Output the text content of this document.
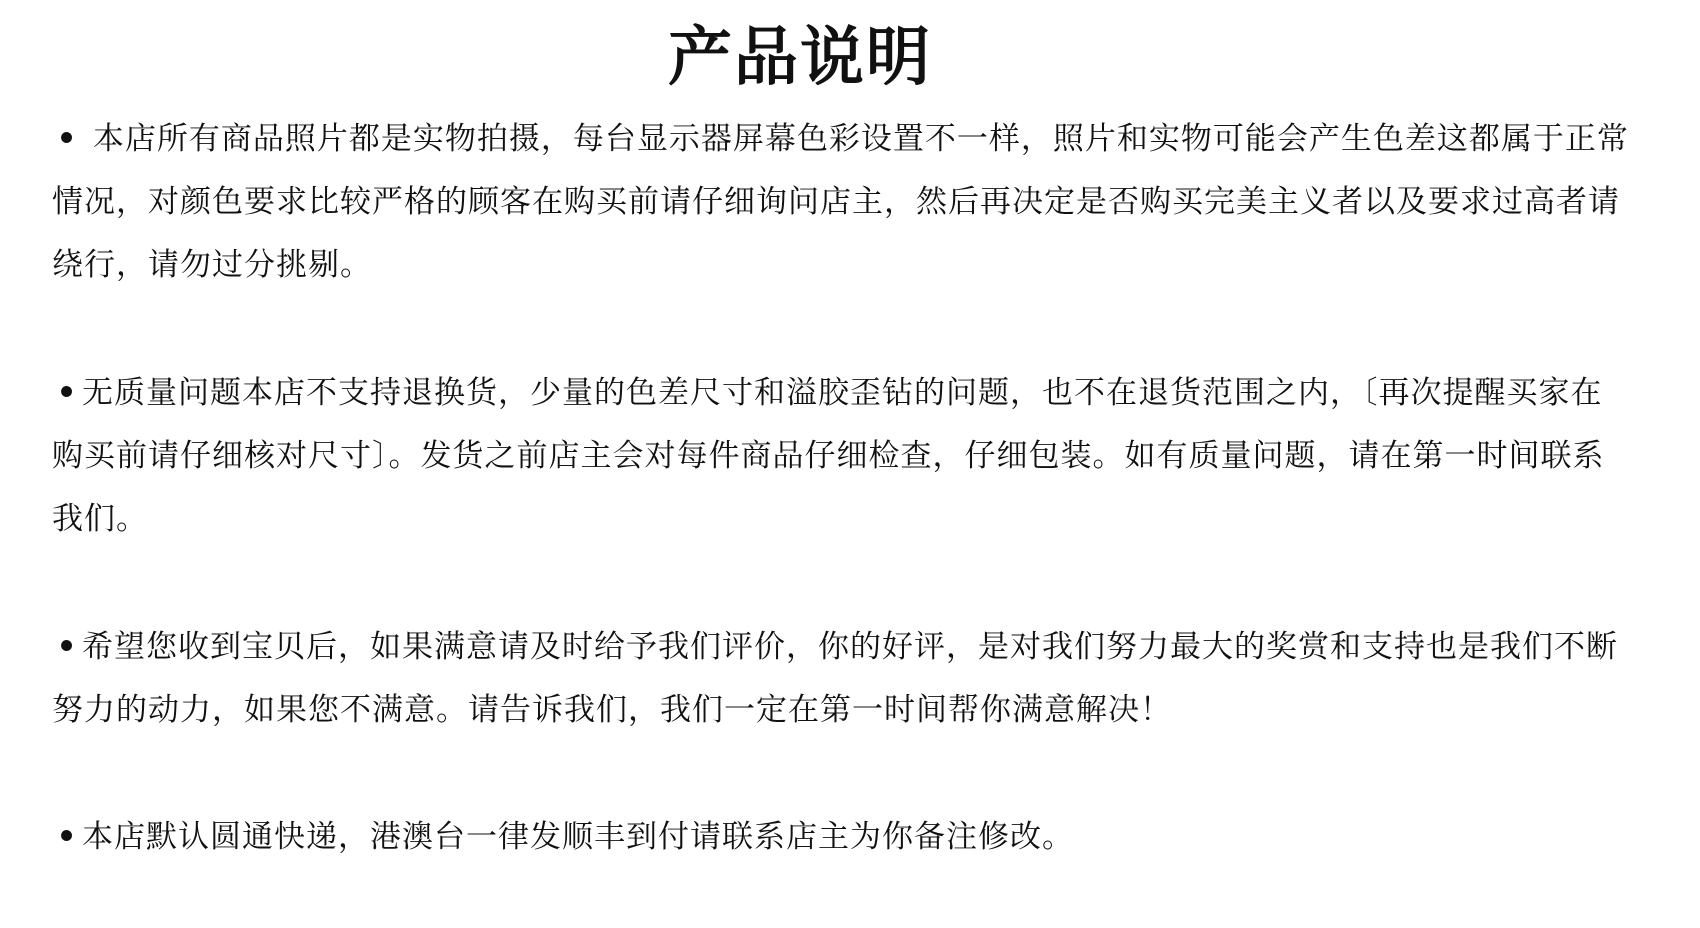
产品说明

• 本店所有商品照片都是实物拍摄，每台显示器屏幕色彩设置不一样，照片和实物可能会产生色差这都属于正常情况，对颜色要求比较严格的顾客在购买前请仔细询问店主，然后再决定是否购买完美主义者以及要求过高者请绕行，请勿过分挑剔。

• 无质量问题本店不支持退换货，少量的色差尺寸和溢胶歪钻的问题，也不在退货范围之内，〔再次提醒买家在购买前请仔细核对尺寸〕。发货之前店主会对每件商品仔细检查，仔细包装。如有质量问题，请在第一时间联系我们。

• 希望您收到宝贝后，如果满意请及时给予我们评价，你的好评，是对我们努力最大的奖赏和支持也是我们不断努力的动力，如果您不满意。请告诉我们，我们一定在第一时间帮你满意解决！

• 本店默认圆通快递，港澳台一律发顺丰到付请联系店主为你备注修改。
